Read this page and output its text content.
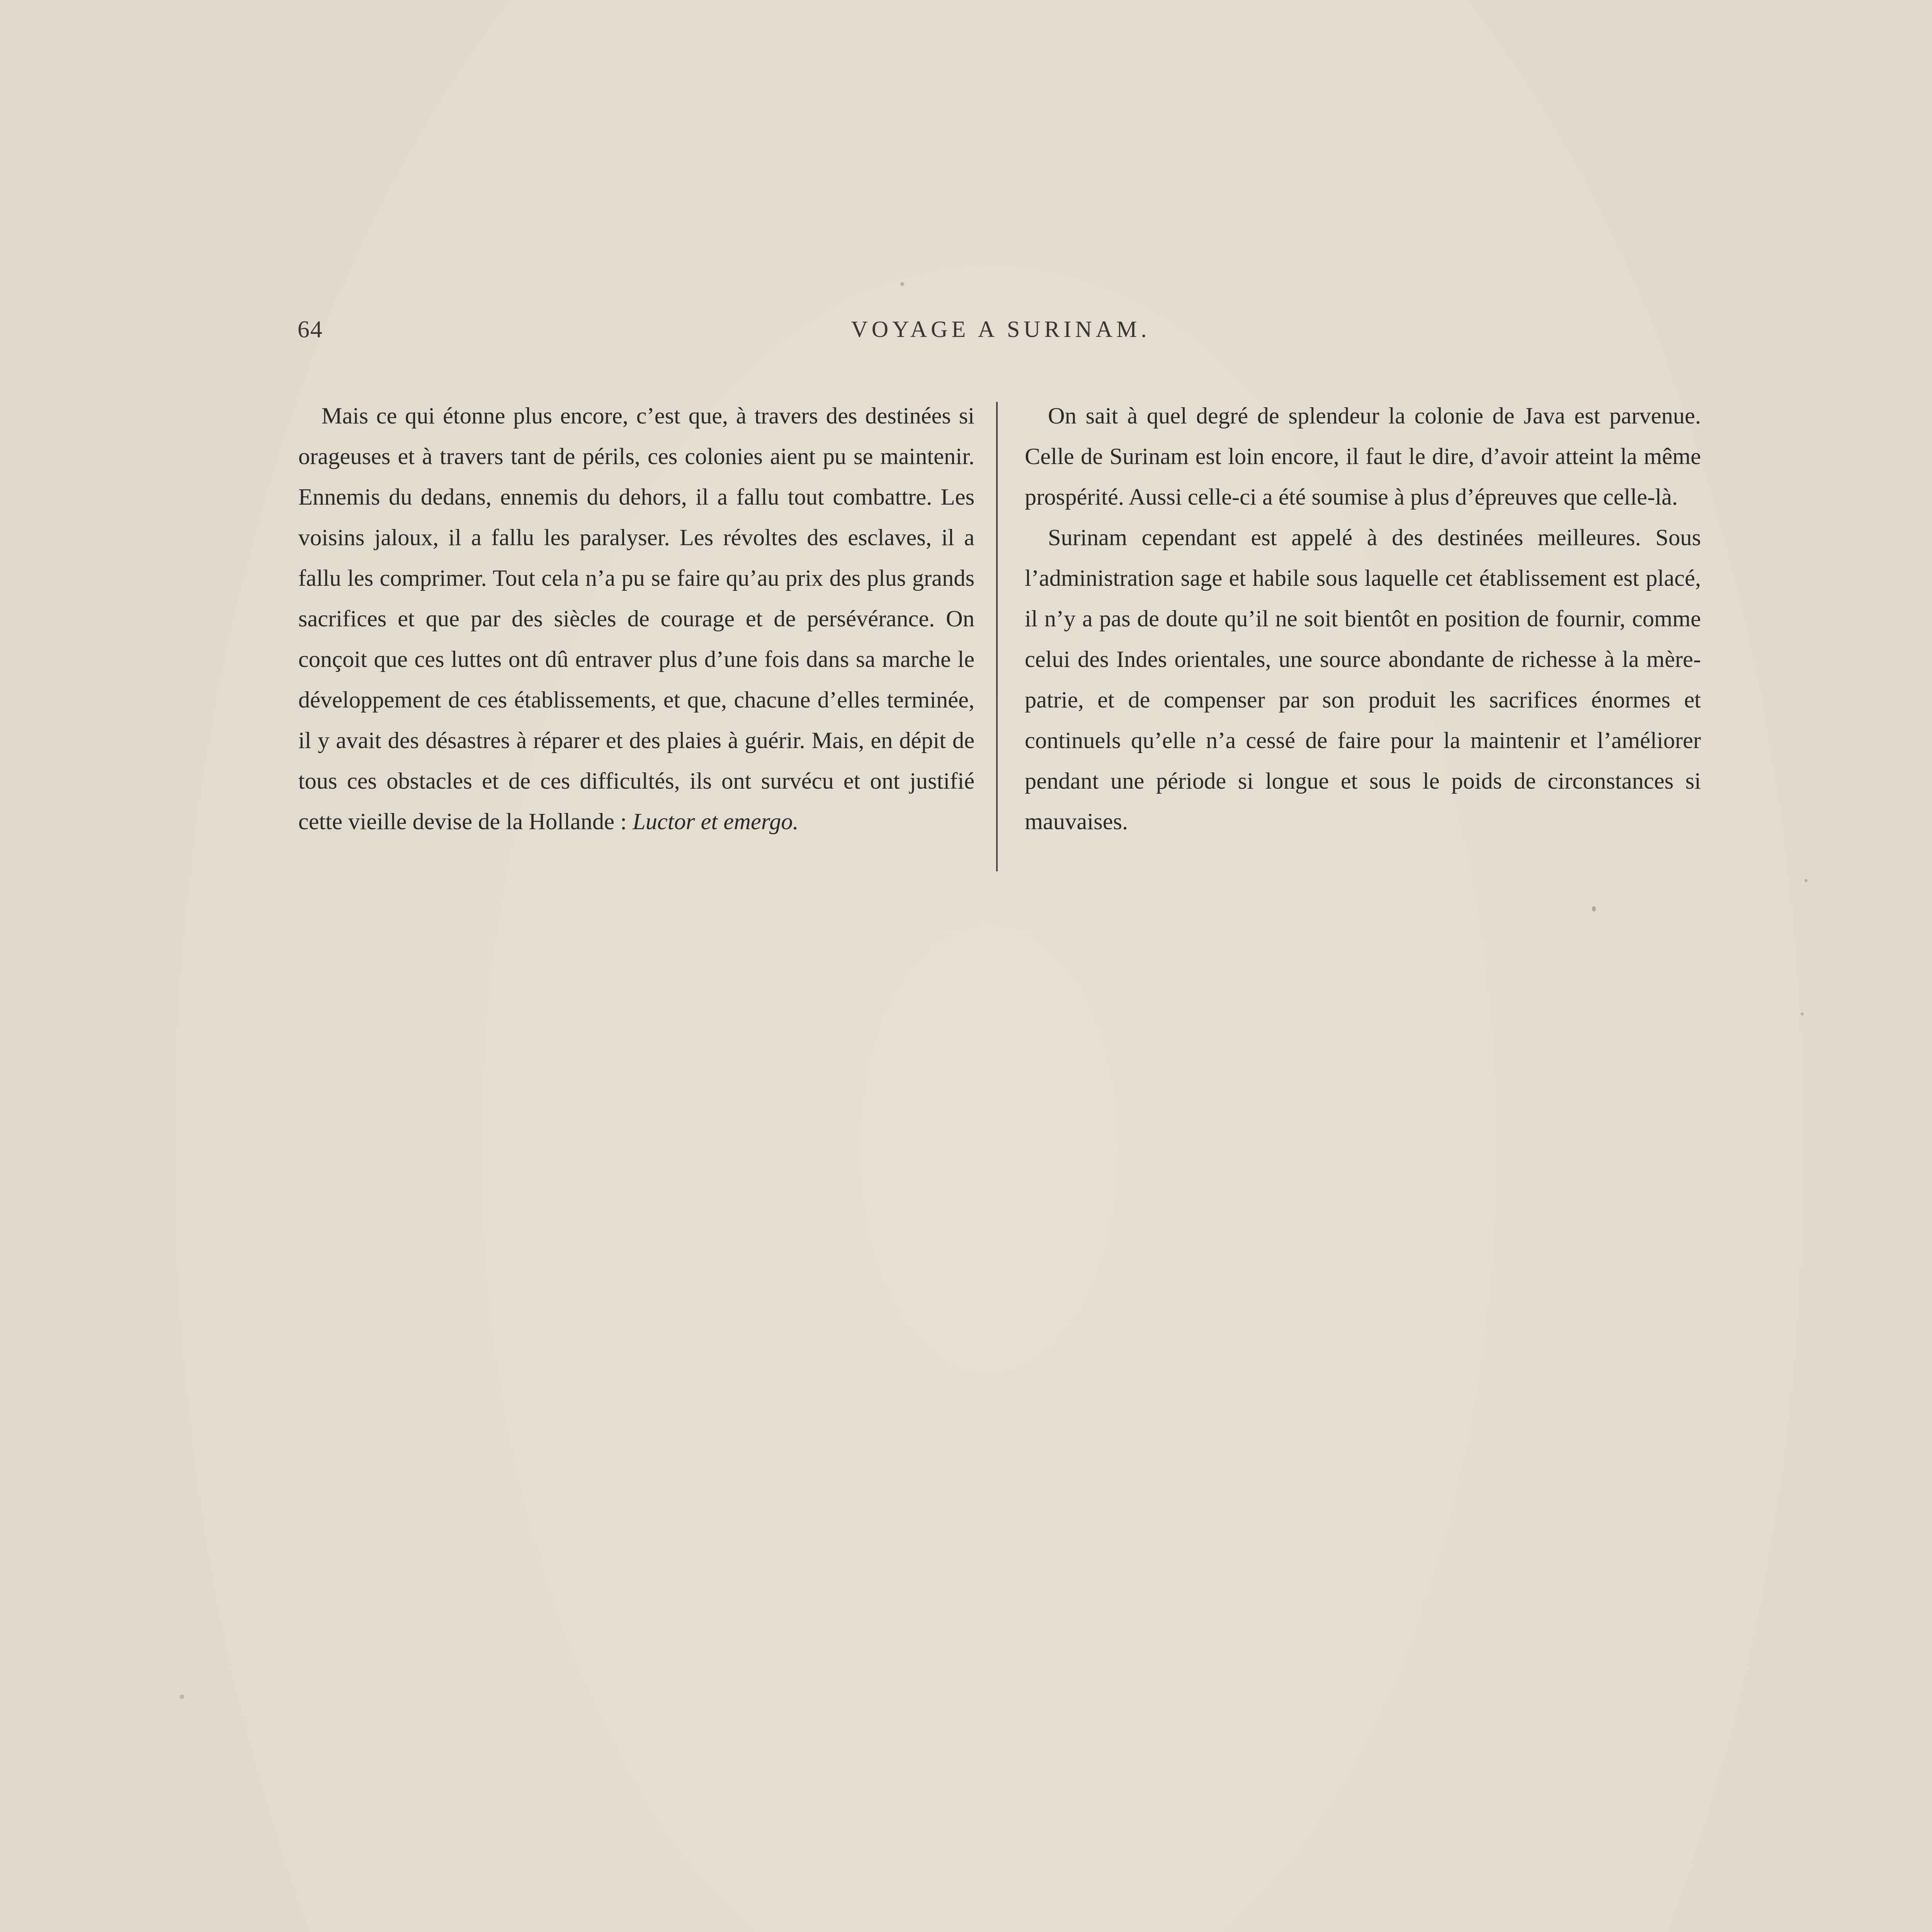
64	VOYAGE A SURINAM.

Mais ce qui étonne plus encore, c’est que, à travers des destinées si orageuses et à travers tant de périls, ces colonies aient pu se maintenir. Ennemis du dedans, ennemis du dehors, il a fallu tout combattre. Les voisins jaloux, il a fallu les paralyser. Les révoltes des esclaves, il a fallu les comprimer. Tout cela n’a pu se faire qu’au prix des plus grands sacrifices et que par des siècles de courage et de persévérance. On conçoit que ces luttes ont dû entraver plus d’une fois dans sa marche le développement de ces établissements, et que, chacune d’elles terminée, il y avait des désastres à réparer et des plaies à guérir. Mais, en dépit de tous ces obstacles et de ces difficultés, ils ont survécu et ont justifié cette vieille devise de la Hollande : Luctor et emergo.

On sait à quel degré de splendeur la colonie de Java est parvenue. Celle de Surinam est loin encore, il faut le dire, d’avoir atteint la même prospérité. Aussi celle-ci a été soumise à plus d’épreuves que celle-là.

Surinam cependant est appelé à des destinées meilleures. Sous l’administration sage et habile sous laquelle cet établissement est placé, il n’y a pas de doute qu’il ne soit bientôt en position de fournir, comme celui des Indes orientales, une source abondante de richesse à la mère-patrie, et de compenser par son produit les sacrifices énormes et continuels qu’elle n’a cessé de faire pour la maintenir et l’améliorer pendant une période si longue et sous le poids de circonstances si mauvaises.
